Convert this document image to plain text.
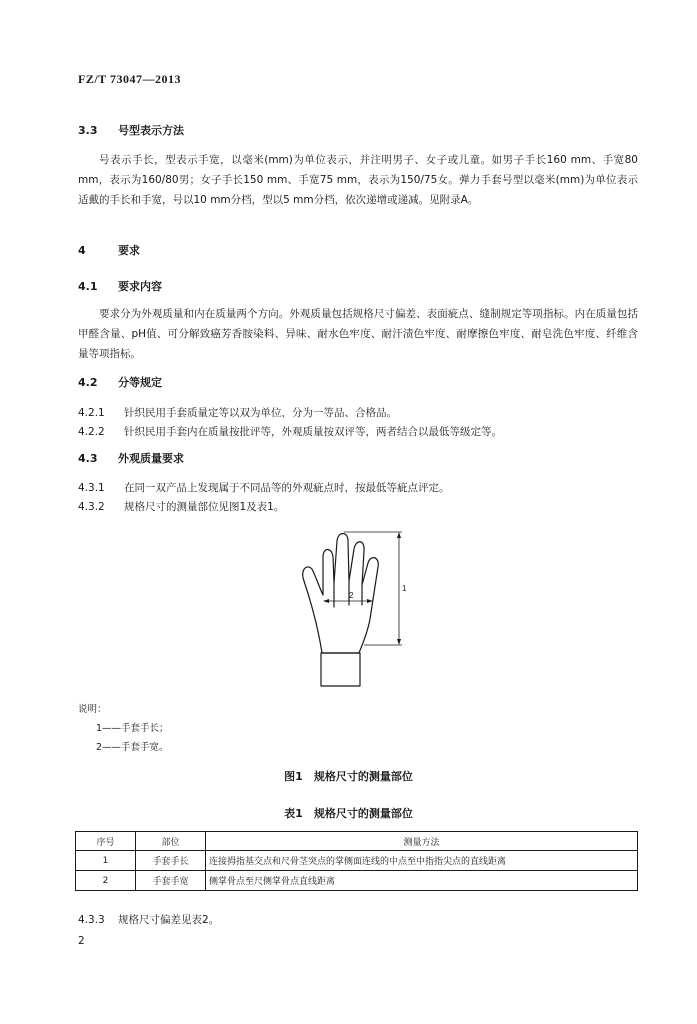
FZ/T 73047—2013
3.3 号型表示方法
号表示手长，型表示手宽，以毫米(mm)为单位表示，并注明男子、女子或儿童。如男子手长160 mm、手宽80 mm，表示为160/80男；女子手长150 mm、手宽75 mm，表示为150/75女。弹力手套号型以毫米(mm)为单位表示适戴的手长和手宽，号以10 mm分档，型以5 mm分档，依次递增或递减。见附录A。
4	要求
4.1 要求内容
要求分为外观质量和内在质量两个方向。外观质量包括规格尺寸偏差、表面疵点、缝制规定等项指标。内在质量包括甲醛含量、pH值、可分解致癌芳香胺染料、异味、耐水色牢度、耐汗渍色牢度、耐摩擦色牢度、耐皂洗色牢度、纤维含量等项指标。
4.2 分等规定
4.2.1 针织民用手套质量定等以双为单位，分为一等品、合格品。
4.2.2 针织民用手套内在质量按批评等，外观质量按双评等，两者结合以最低等级定等。
4.3 外观质量要求
4.3.1 在同一双产品上发现属于不同品等的外观疵点时，按最低等疵点评定。
4.3.2 规格尺寸的测量部位见图1及表1。
1
2
说明：
1——手套手长；
2——手套手宽。
图1　规格尺寸的测量部位
表1　规格尺寸的测量部位
序号	部位	测量方法
1	手套手长	连接拇指基交点和尺骨茎突点的掌侧面连线的中点至中指指尖点的直线距离
2	手套手宽	侧掌骨点至尺侧掌骨点直线距离
4.3.3 规格尺寸偏差见表2。
2
